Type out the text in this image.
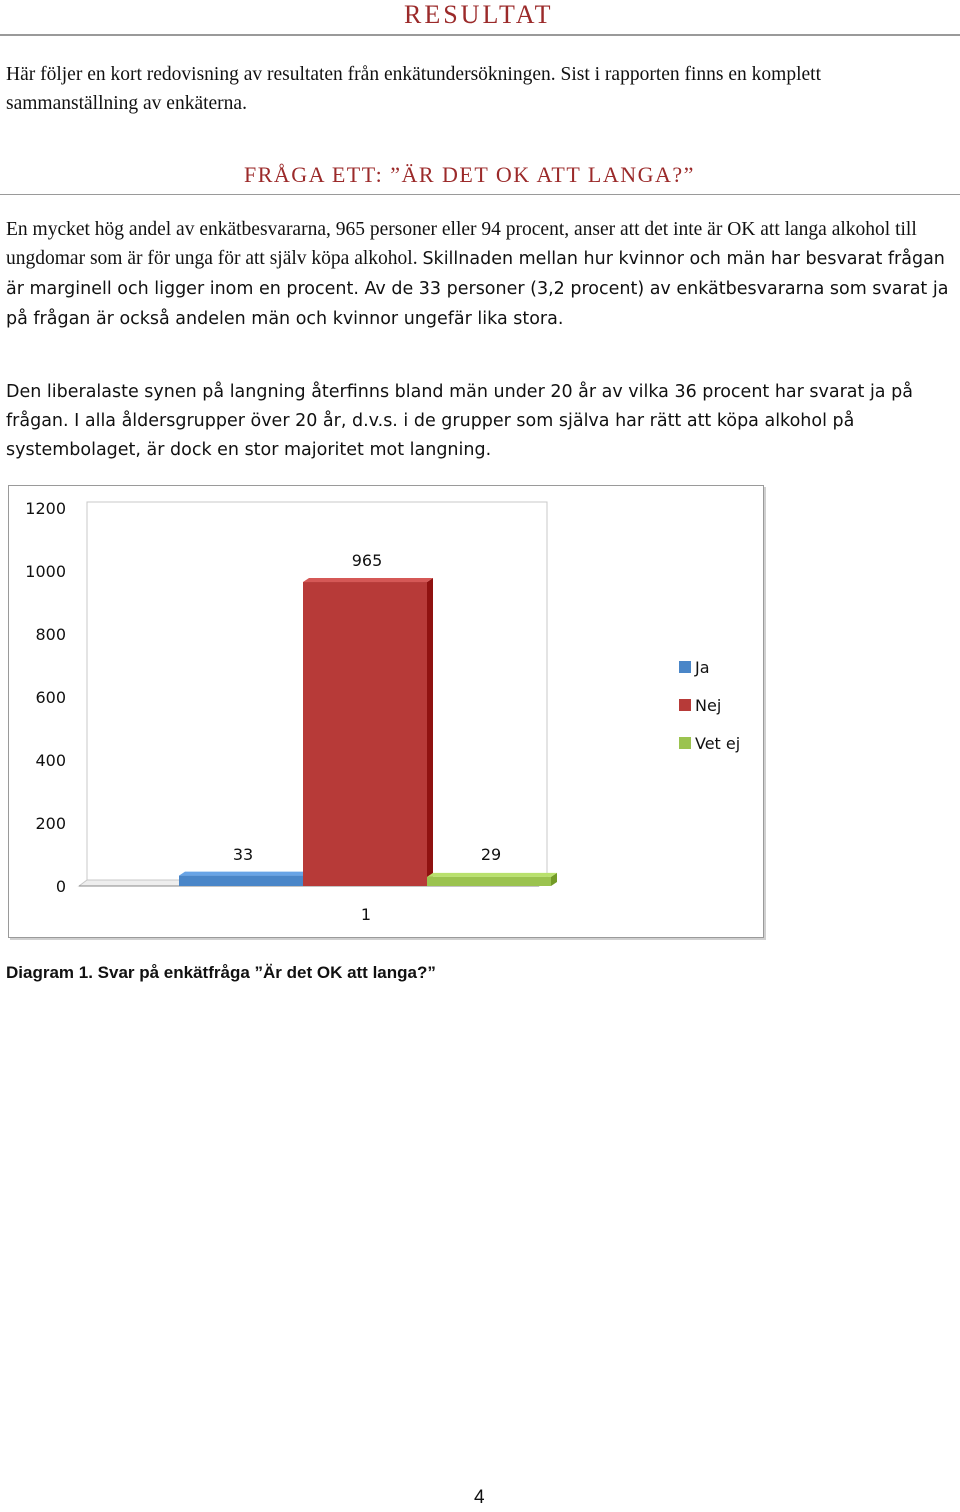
RESULTAT

Här följer en kort redovisning av resultaten från enkätundersökningen. Sist i rapporten finns en komplett sammanställning av enkäterna.

FRÅGA ETT: ”ÄR DET OK ATT LANGA?”

En mycket hög andel av enkätbesvararna, 965 personer eller 94 procent, anser att det inte är OK att langa alkohol till ungdomar som är för unga för att själv köpa alkohol. Skillnaden mellan hur kvinnor och män har besvarat frågan är marginell och ligger inom en procent. Av de 33 personer (3,2 procent) av enkätbesvararna som svarat ja på frågan är också andelen män och kvinnor ungefär lika stora.

Den liberalaste synen på langning återfinns bland män under 20 år av vilka 36 procent har svarat ja på frågan. I alla åldersgrupper över 20 år, d.v.s. i de grupper som själva har rätt att köpa alkohol på systembolaget, är dock en stor majoritet mot langning.

0
200
400
600
800
1000
1200
33
965
29
1
Ja
Nej
Vet ej
Diagram 1. Svar på enkätfråga ”Är det OK att langa?”
4
